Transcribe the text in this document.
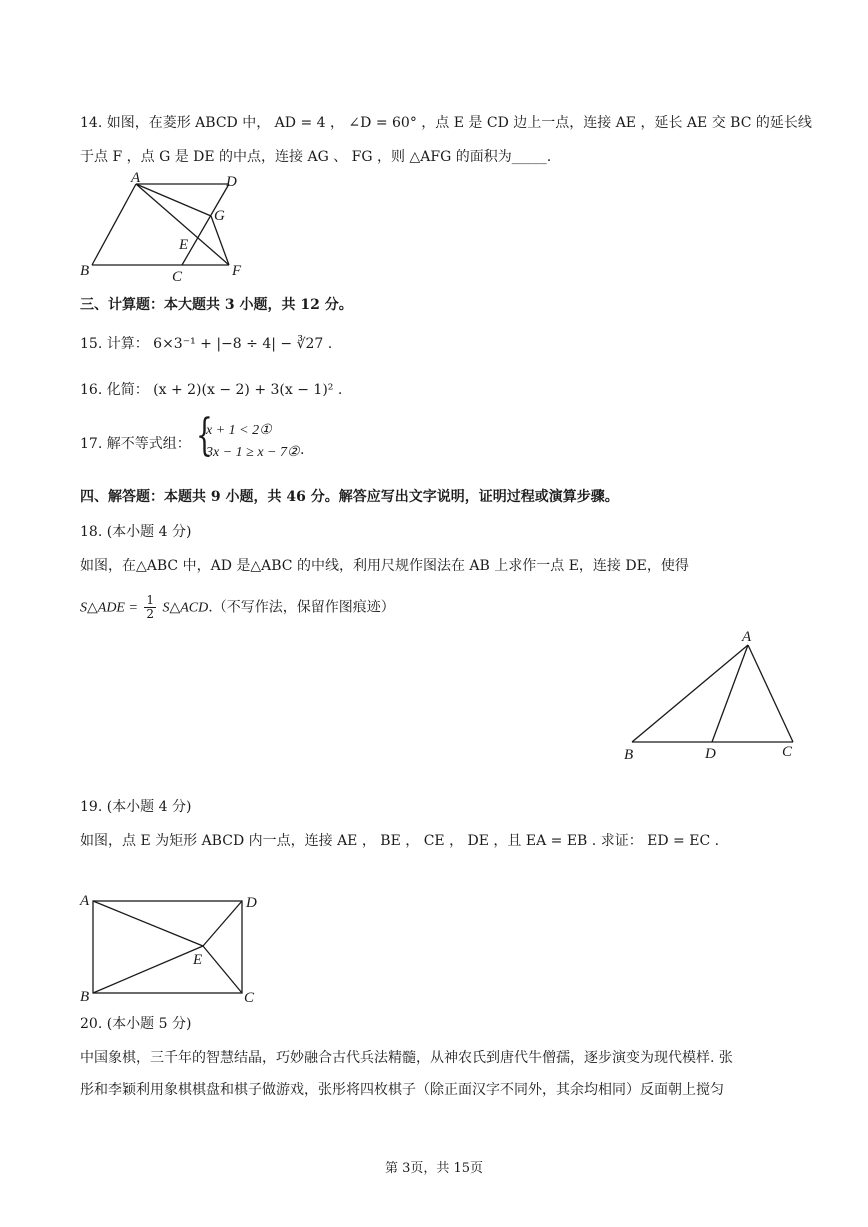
14. 如图，在菱形 ABCD 中， AD = 4 ， ∠D = 60° ，点 E 是 CD 边上一点，连接 AE ，延长 AE 交 BC 的延长线
于点 F ，点 G 是 DE 的中点，连接 AG 、 FG ，则 △AFG 的面积为_____.
A	D
G
E
B	C	F
三、计算题：本大题共 3 小题，共 12 分。
15. 计算： 6×3⁻¹ + |−8 ÷ 4| − ∛27 .
16. 化简： (x + 2)(x − 2) + 3(x − 1)² .
17. 解不等式组： {
x + 1 < 2①
3x − 1 ≥ x − 7② .
四、解答题：本题共 9 小题，共 46 分。解答应写出文字说明，证明过程或演算步骤。
18. (本小题 4 分)
如图，在△ABC 中，AD 是△ABC 的中线，利用尺规作图法在 AB 上求作一点 E，连接 DE，使得
S△ADE = $\frac{1}{2}$ S△ACD.（不写作法，保留作图痕迹）
A
B	D	C
19. (本小题 4 分)
如图，点 E 为矩形 ABCD 内一点，连接 AE ， BE ， CE ， DE ，且 EA = EB . 求证： ED = EC .
A	D
E
B	C
20. (本小题 5 分)
中国象棋，三千年的智慧结晶，巧妙融合古代兵法精髓，从神农氏到唐代牛僧孺，逐步演变为现代模样. 张
彤和李颖利用象棋棋盘和棋子做游戏，张彤将四枚棋子（除正面汉字不同外，其余均相同）反面朝上搅匀
第 3页，共 15页
